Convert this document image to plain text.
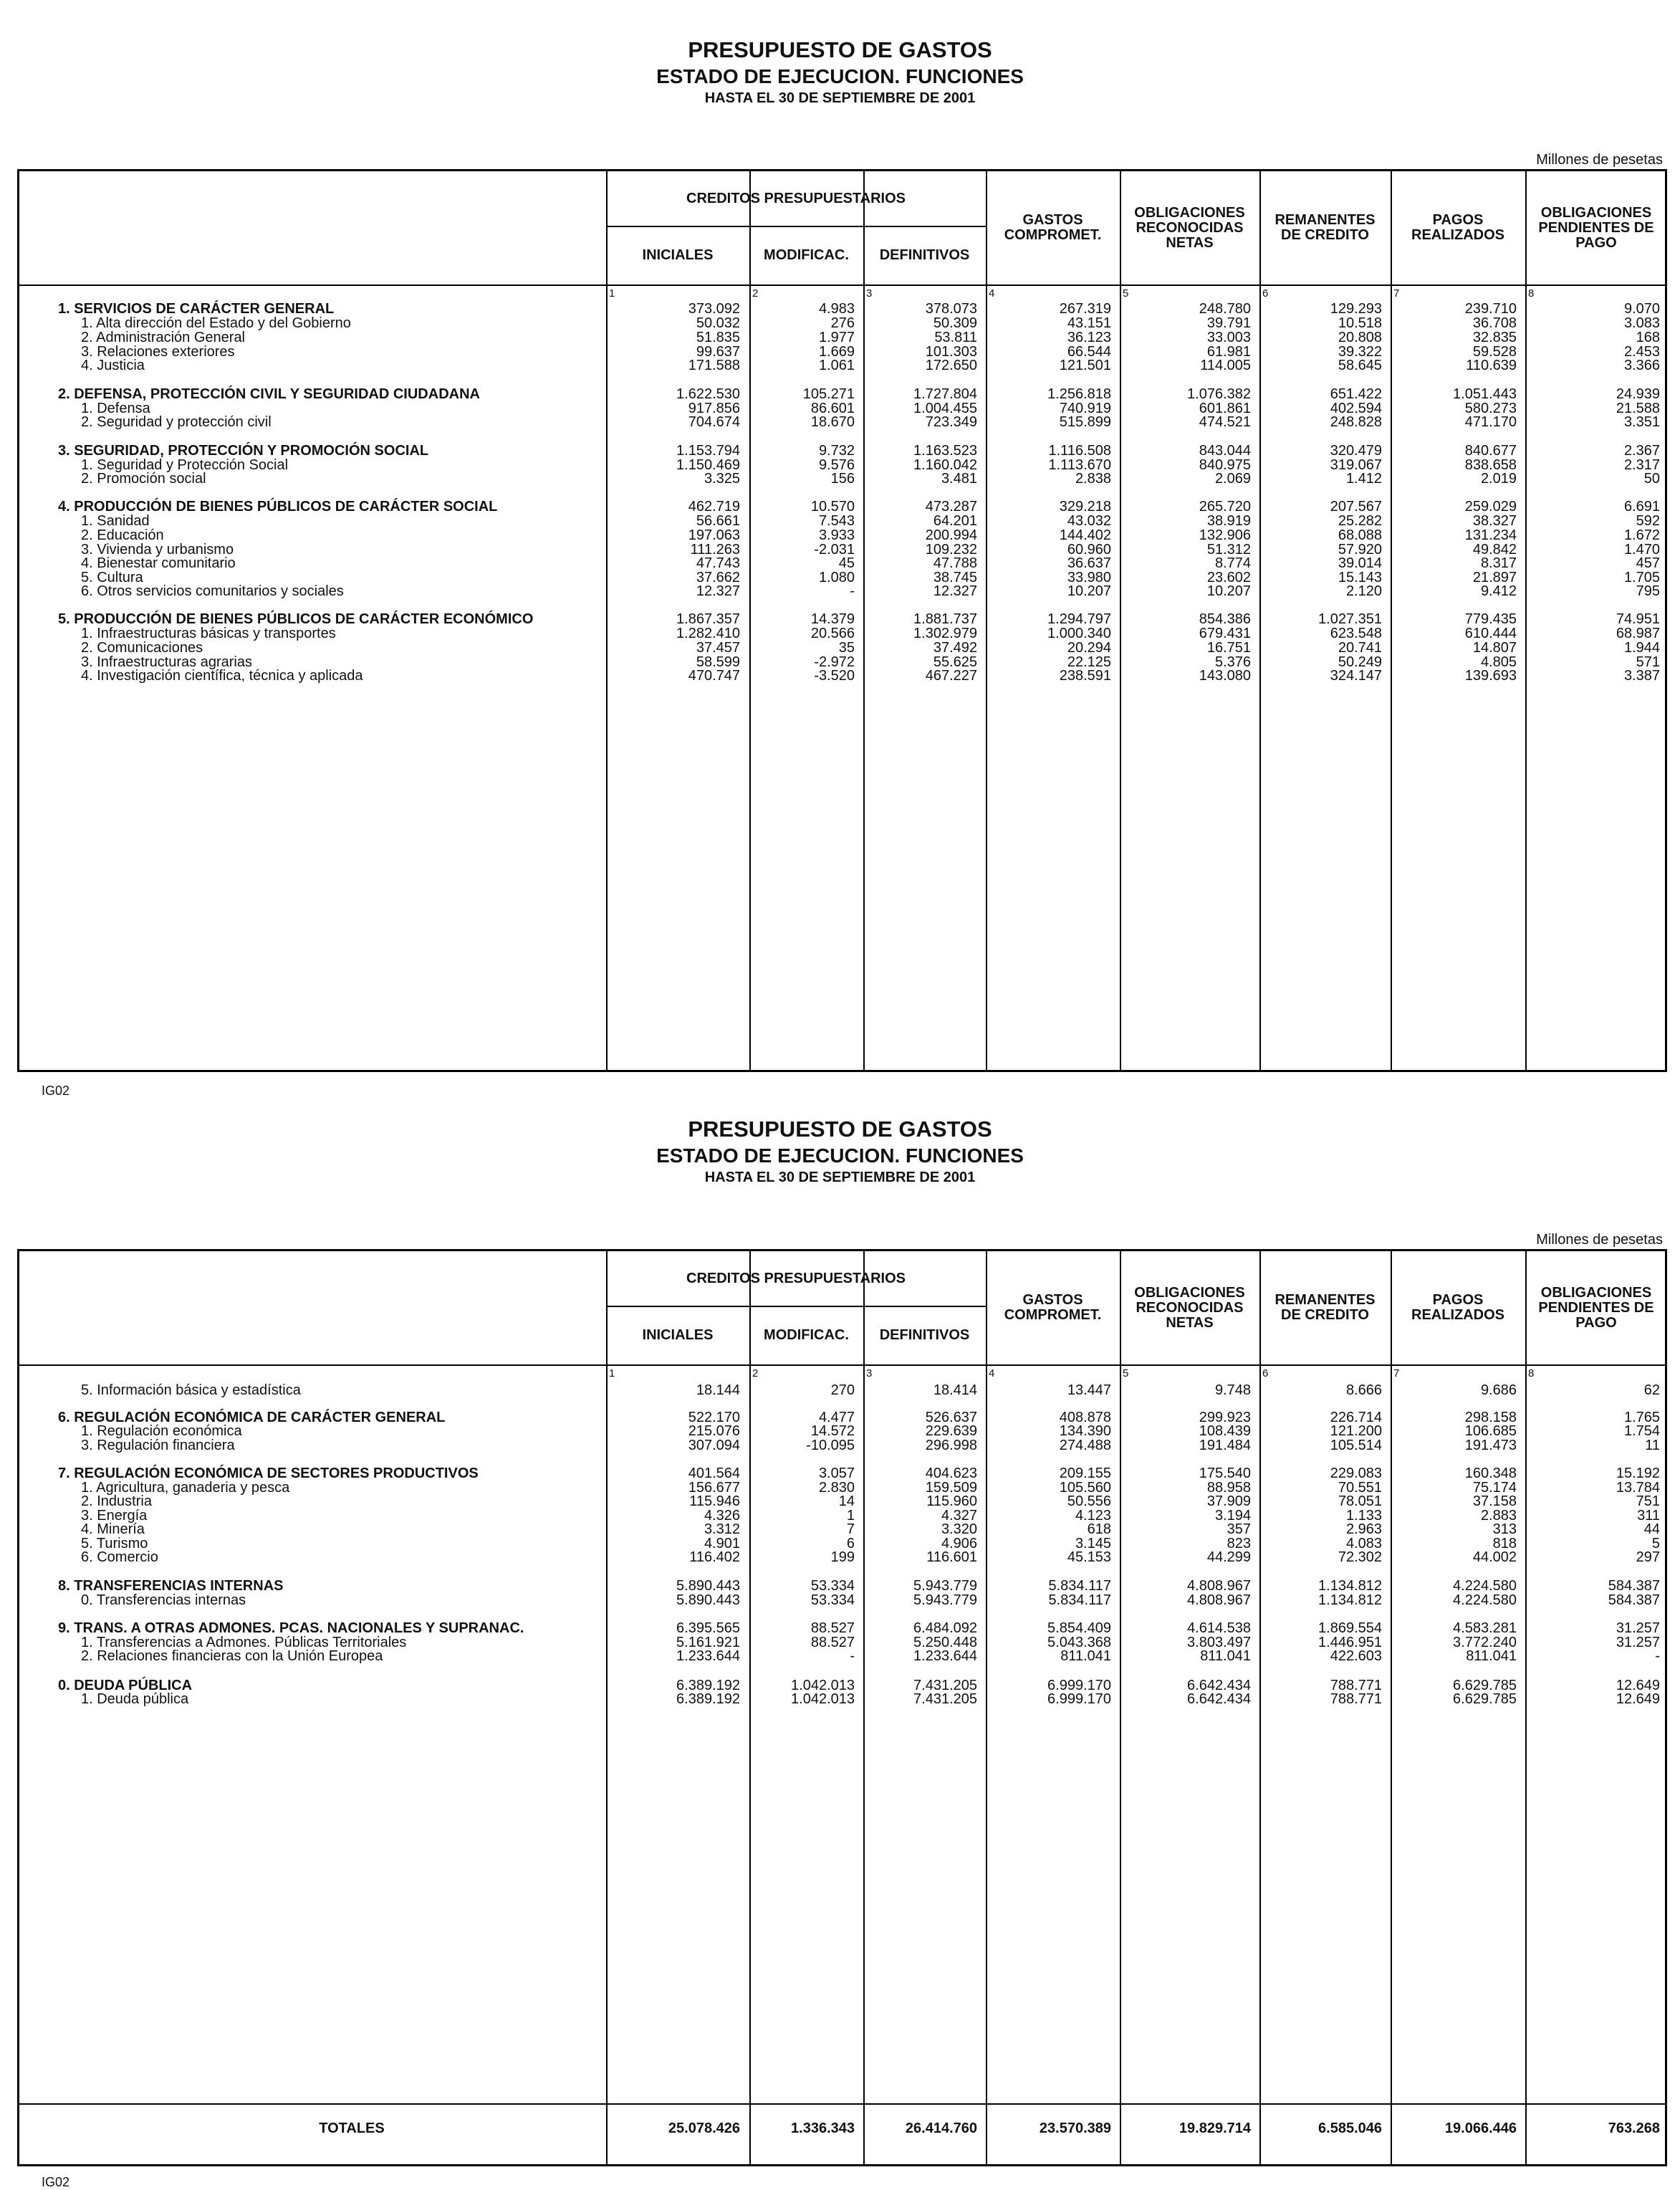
PRESUPUESTO DE GASTOS
ESTADO DE EJECUCION. FUNCIONES
HASTA EL 30 DE SEPTIEMBRE DE 2001
Millones de pesetas
CREDITOS PRESUPUESTARIOS
INICIALES	MODIFICAC.	DEFINITIVOS
GASTOS
COMPROMET.
OBLIGACIONES
RECONOCIDAS
NETAS
REMANENTES
DE CREDITO
PAGOS
REALIZADOS
OBLIGACIONES
PENDIENTES DE
PAGO
1	2	3	4	5	6	7	8
1. SERVICIOS DE CARÁCTER GENERAL	373.092	4.983	378.073	267.319	248.780	129.293	239.710	9.070
1. Alta dirección del Estado y del Gobierno	50.032	276	50.309	43.151	39.791	10.518	36.708	3.083
2. Administración General	51.835	1.977	53.811	36.123	33.003	20.808	32.835	168
3. Relaciones exteriores	99.637	1.669	101.303	66.544	61.981	39.322	59.528	2.453
4. Justicia	171.588	1.061	172.650	121.501	114.005	58.645	110.639	3.366
2. DEFENSA, PROTECCIÓN CIVIL Y SEGURIDAD CIUDADANA	1.622.530	105.271	1.727.804	1.256.818	1.076.382	651.422	1.051.443	24.939
1. Defensa	917.856	86.601	1.004.455	740.919	601.861	402.594	580.273	21.588
2. Seguridad y protección civil	704.674	18.670	723.349	515.899	474.521	248.828	471.170	3.351
3. SEGURIDAD, PROTECCIÓN Y PROMOCIÓN SOCIAL	1.153.794	9.732	1.163.523	1.116.508	843.044	320.479	840.677	2.367
1. Seguridad y Protección Social	1.150.469	9.576	1.160.042	1.113.670	840.975	319.067	838.658	2.317
2. Promoción social	3.325	156	3.481	2.838	2.069	1.412	2.019	50
4. PRODUCCIÓN DE BIENES PÚBLICOS DE CARÁCTER SOCIAL	462.719	10.570	473.287	329.218	265.720	207.567	259.029	6.691
1. Sanidad	56.661	7.543	64.201	43.032	38.919	25.282	38.327	592
2. Educación	197.063	3.933	200.994	144.402	132.906	68.088	131.234	1.672
3. Vivienda y urbanismo	111.263	-2.031	109.232	60.960	51.312	57.920	49.842	1.470
4. Bienestar comunitario	47.743	45	47.788	36.637	8.774	39.014	8.317	457
5. Cultura	37.662	1.080	38.745	33.980	23.602	15.143	21.897	1.705
6. Otros servicios comunitarios y sociales	12.327	-	12.327	10.207	10.207	2.120	9.412	795
5. PRODUCCIÓN DE BIENES PÚBLICOS DE CARÁCTER ECONÓMICO	1.867.357	14.379	1.881.737	1.294.797	854.386	1.027.351	779.435	74.951
1. Infraestructuras básicas y transportes	1.282.410	20.566	1.302.979	1.000.340	679.431	623.548	610.444	68.987
2. Comunicaciones	37.457	35	37.492	20.294	16.751	20.741	14.807	1.944
3. Infraestructuras agrarias	58.599	-2.972	55.625	22.125	5.376	50.249	4.805	571
4. Investigación científica, técnica y aplicada	470.747	-3.520	467.227	238.591	143.080	324.147	139.693	3.387
IG02
PRESUPUESTO DE GASTOS
ESTADO DE EJECUCION. FUNCIONES
HASTA EL 30 DE SEPTIEMBRE DE 2001
Millones de pesetas
CREDITOS PRESUPUESTARIOS
INICIALES	MODIFICAC.	DEFINITIVOS
GASTOS
COMPROMET.
OBLIGACIONES
RECONOCIDAS
NETAS
REMANENTES
DE CREDITO
PAGOS
REALIZADOS
OBLIGACIONES
PENDIENTES DE
PAGO
1	2	3	4	5	6	7	8
5. Información básica y estadística	18.144	270	18.414	13.447	9.748	8.666	9.686	62
6. REGULACIÓN ECONÓMICA DE CARÁCTER GENERAL	522.170	4.477	526.637	408.878	299.923	226.714	298.158	1.765
1. Regulación económica	215.076	14.572	229.639	134.390	108.439	121.200	106.685	1.754
3. Regulación financiera	307.094	-10.095	296.998	274.488	191.484	105.514	191.473	11
7. REGULACIÓN ECONÓMICA DE SECTORES PRODUCTIVOS	401.564	3.057	404.623	209.155	175.540	229.083	160.348	15.192
1. Agricultura, ganaderia y pesca	156.677	2.830	159.509	105.560	88.958	70.551	75.174	13.784
2. Industria	115.946	14	115.960	50.556	37.909	78.051	37.158	751
3. Energía	4.326	1	4.327	4.123	3.194	1.133	2.883	311
4. Minería	3.312	7	3.320	618	357	2.963	313	44
5. Turismo	4.901	6	4.906	3.145	823	4.083	818	5
6. Comercio	116.402	199	116.601	45.153	44.299	72.302	44.002	297
8. TRANSFERENCIAS INTERNAS	5.890.443	53.334	5.943.779	5.834.117	4.808.967	1.134.812	4.224.580	584.387
0. Transferencias internas	5.890.443	53.334	5.943.779	5.834.117	4.808.967	1.134.812	4.224.580	584.387
9. TRANS. A OTRAS ADMONES. PCAS. NACIONALES Y SUPRANAC.	6.395.565	88.527	6.484.092	5.854.409	4.614.538	1.869.554	4.583.281	31.257
1. Transferencias a Admones. Públicas Territoriales	5.161.921	88.527	5.250.448	5.043.368	3.803.497	1.446.951	3.772.240	31.257
2. Relaciones financieras con la Unión Europea	1.233.644	-	1.233.644	811.041	811.041	422.603	811.041	-
0. DEUDA PÚBLICA	6.389.192	1.042.013	7.431.205	6.999.170	6.642.434	788.771	6.629.785	12.649
1. Deuda pública	6.389.192	1.042.013	7.431.205	6.999.170	6.642.434	788.771	6.629.785	12.649
TOTALES	25.078.426	1.336.343	26.414.760	23.570.389	19.829.714	6.585.046	19.066.446	763.268
IG02
